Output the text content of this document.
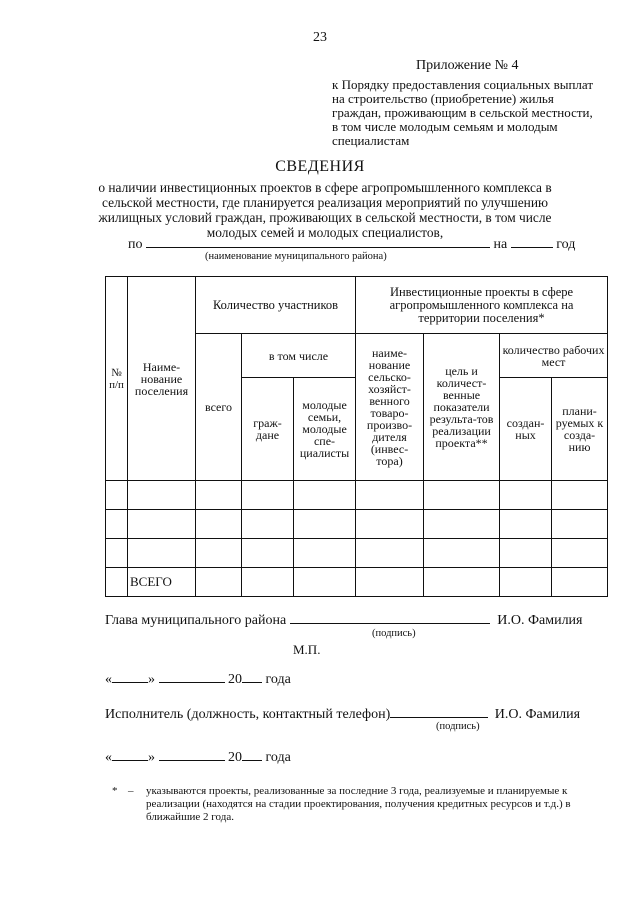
23
Приложение № 4
к Порядку предоставления социальных выплат на строительство (приобретение) жилья граждан, проживающим в сельской местности, в том числе молодым семьям и молодым специалистам
СВЕДЕНИЯ
о наличии инвестиционных проектов в сфере агропромышленного комплекса в сельской местности, где планируется реализация мероприятий по улучшению жилищных условий граждан, проживающих в сельской местности, в том числе молодых семей и молодых специалистов,
по	на	год
(наименование муниципального района)
№ п/п	Наиме-нование поселения	Количество участников			Инвестиционные проекты в сфере агропромышленного комплекса на территории поселения*			
		всего	в том числе		наиме-нование сельско-хозяйст-венного товаро-произво-дителя (инвес-тора)	цель и количест-венные показатели результа-тов реализации проекта**	количество рабочих мест	
			граж-дане	молодые семьи, молодые спе-циалисты			создан-ных	плани-руемых к созда-нию

	ВСЕГО							
Глава муниципального района	И.О. Фамилия
(подпись)
М.П.
«	»	20 года
Исполнитель (должность, контактный телефон)	И.О. Фамилия
(подпись)
«	»	20 года
* – указываются проекты, реализованные за последние 3 года, реализуемые и планируемые к реализации (находятся на стадии проектирования, получения кредитных ресурсов и т.д.) в ближайшие 2 года.
